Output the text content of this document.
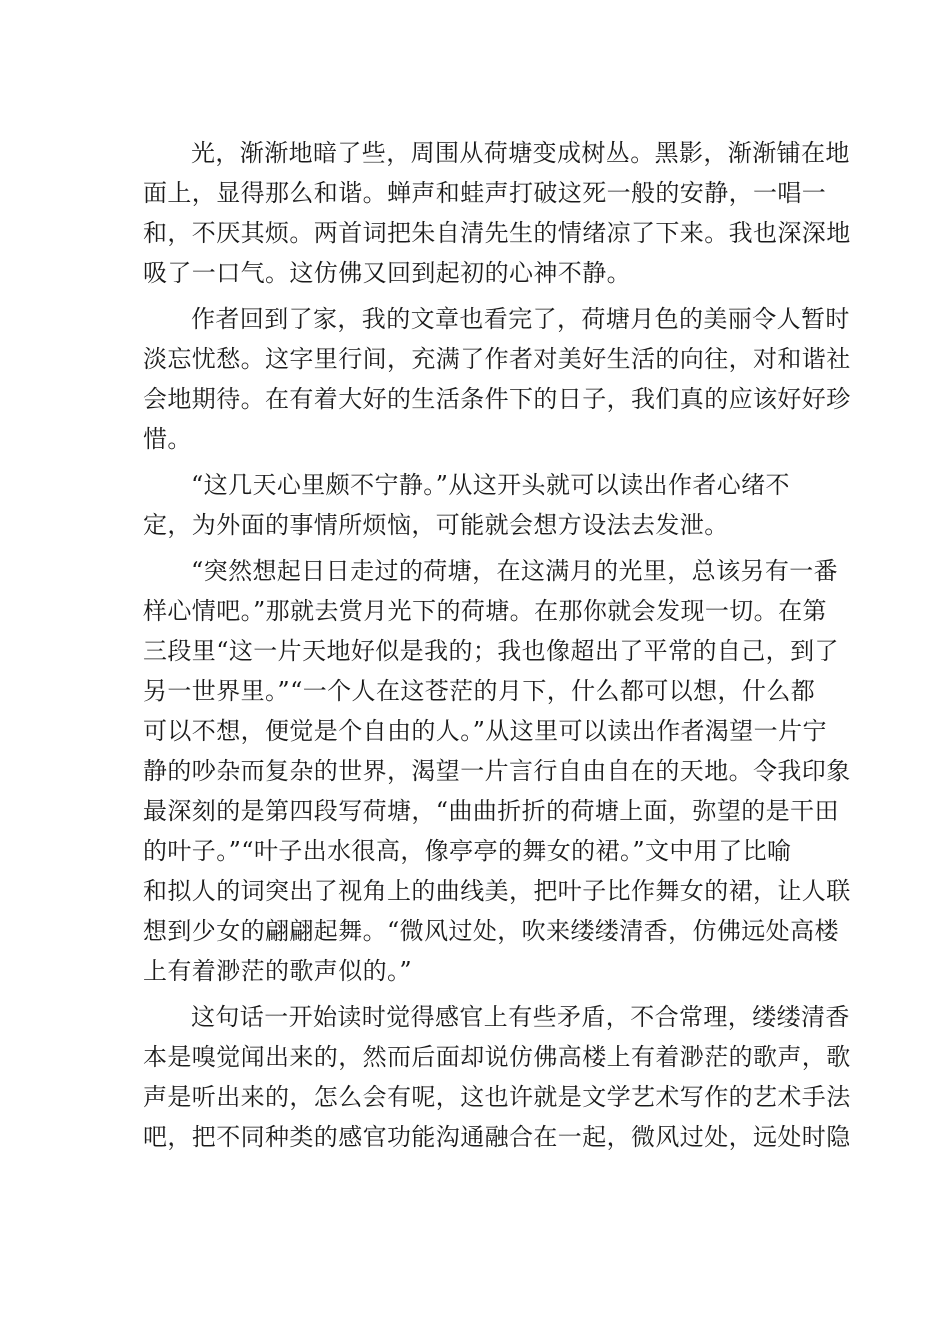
光，渐渐地暗了些，周围从荷塘变成树丛。黑影，渐渐铺在地
面上，显得那么和谐。蝉声和蛙声打破这死一般的安静，一唱一
和，不厌其烦。两首词把朱自清先生的情绪凉了下来。我也深深地
吸了一口气。这仿佛又回到起初的心神不静。
作者回到了家，我的文章也看完了，荷塘月色的美丽令人暂时
淡忘忧愁。这字里行间，充满了作者对美好生活的向往，对和谐社
会地期待。在有着大好的生活条件下的日子，我们真的应该好好珍
惜。
“这几天心里颇不宁静。”从这开头就可以读出作者心绪不
定，为外面的事情所烦恼，可能就会想方设法去发泄。
“突然想起日日走过的荷塘，在这满月的光里，总该另有一番
样心情吧。”那就去赏月光下的荷塘。在那你就会发现一切。在第
三段里“这一片天地好似是我的；我也像超出了平常的自己，到了
另一世界里。”“一个人在这苍茫的月下，什么都可以想，什么都
可以不想，便觉是个自由的人。”从这里可以读出作者渴望一片宁
静的吵杂而复杂的世界，渴望一片言行自由自在的天地。令我印象
最深刻的是第四段写荷塘，“曲曲折折的荷塘上面，弥望的是干田
的叶子。”“叶子出水很高，像亭亭的舞女的裙。”文中用了比喻
和拟人的词突出了视角上的曲线美，把叶子比作舞女的裙，让人联
想到少女的翩翩起舞。“微风过处，吹来缕缕清香，仿佛远处高楼
上有着渺茫的歌声似的。”
这句话一开始读时觉得感官上有些矛盾，不合常理，缕缕清香
本是嗅觉闻出来的，然而后面却说仿佛高楼上有着渺茫的歌声，歌
声是听出来的，怎么会有呢，这也许就是文学艺术写作的艺术手法
吧，把不同种类的感官功能沟通融合在一起，微风过处，远处时隐
